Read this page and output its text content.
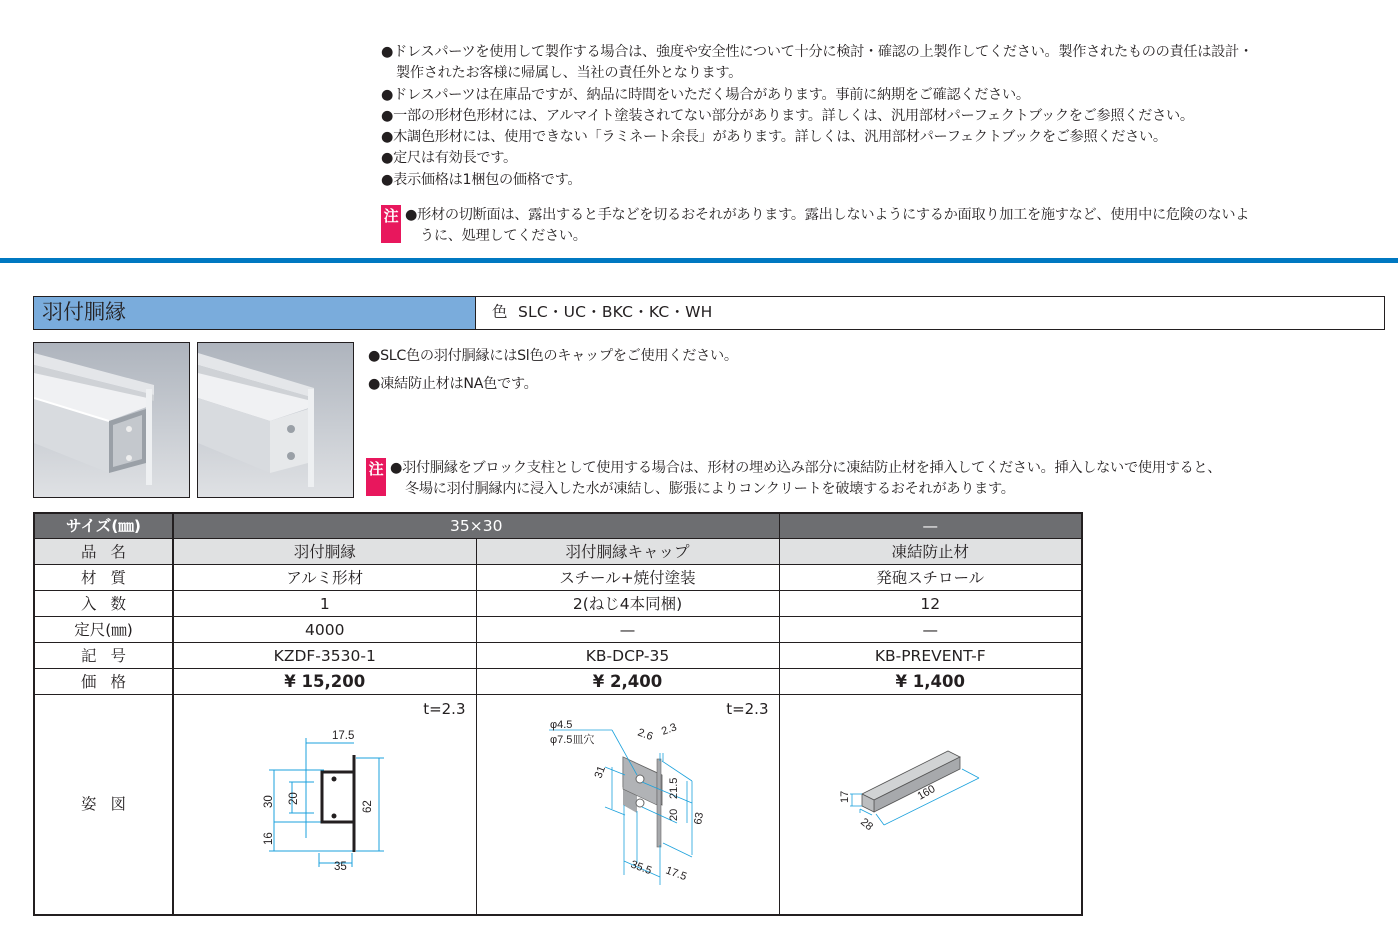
●ドレスパーツを使用して製作する場合は、強度や安全性について十分に検討・確認の上製作してください。製作されたものの責任は設計・
製作されたお客様に帰属し、当社の責任外となります。
●ドレスパーツは在庫品ですが、納品に時間をいただく場合があります。事前に納期をご確認ください。
●一部の形材色形材には、アルマイト塗装されてない部分があります。詳しくは、汎用部材パーフェクトブックをご参照ください。
●木調色形材には、使用できない「ラミネート余長」があります。詳しくは、汎用部材パーフェクトブックをご参照ください。
●定尺は有効長です。
●表示価格は1梱包の価格です。
注 ●形材の切断面は、露出すると手などを切るおそれがあります。露出しないようにするか面取り加工を施すなど、使用中に危険のないよ
うに、処理してください。
羽付胴縁	色 SLC・UC・BKC・KC・WH
●SLC色の羽付胴縁にはSl色のキャップをご使用ください。
●凍結防止材はNA色です。
注 ●羽付胴縁をブロック支柱として使用する場合は、形材の埋め込み部分に凍結防止材を挿入してください。挿入しないで使用すると、
冬場に羽付胴縁内に浸入した水が凍結し、膨張によりコンクリートを破壊するおそれがあります。
サイズ(㎜)	35×30		—
品名	羽付胴縁	羽付胴縁キャップ	凍結防止材
材質	アルミ形材	スチール+焼付塗装	発砲スチロール
入数	1	2(ねじ4本同梱)	12
定尺(㎜)	4000	—	—
記号	KZDF-3530-1	KB-DCP-35	KB-PREVENT-F
価格	¥ 15,200	¥ 2,400	¥ 1,400
姿図	
t=2.3
17.5
35
62
30 20
16

t=2.3
φ4.5
φ7.5皿穴	2.6 2.3
31
21.5
20 63
35.5 17.5

17
28
160
